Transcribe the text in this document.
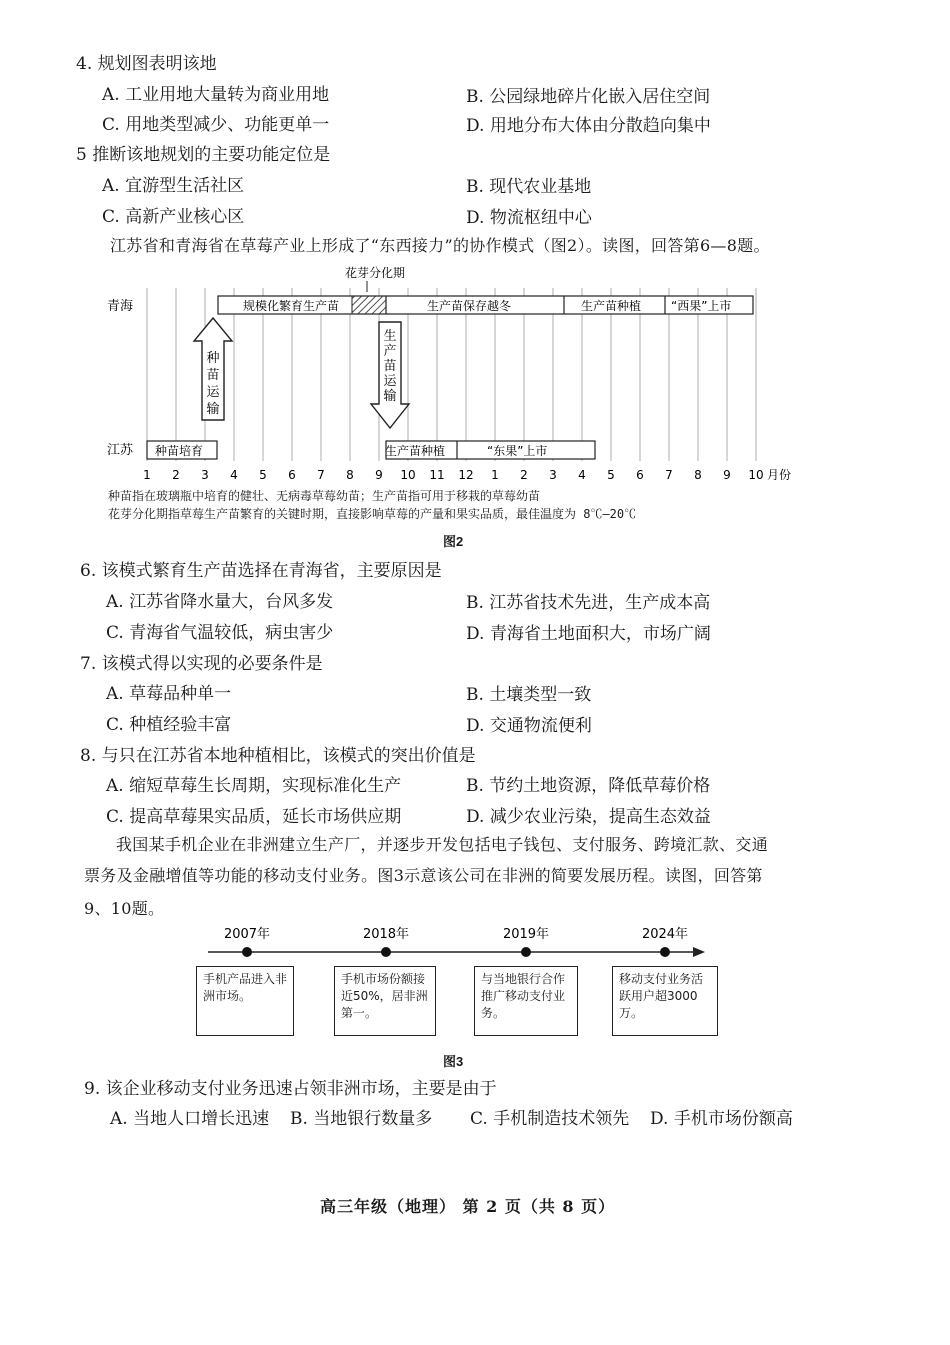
4. 规划图表明该地
A. 工业用地大量转为商业用地	B. 公园绿地碎片化嵌入居住空间
C. 用地类型减少、功能更单一	D. 用地分布大体由分散趋向集中
5 推断该地规划的主要功能定位是
A. 宜游型生活社区	B. 现代农业基地
C. 高新产业核心区	D. 物流枢纽中心
江苏省和青海省在草莓产业上形成了“东西接力”的协作模式（图2）。读图，回答第6—8题。
花芽分化期
青海	规模化繁育生产苗	生产苗保存越冬	生产苗种植 “西果”上市
种
苗
运
输
生
产
苗
运
输
江苏 种苗培育	生产苗种植	“东果”上市
1 2 3 4 5 6 7 8 9 10 11 12 1 2 3 4 5 6 7 8 9 10 月份
种苗指在玻璃瓶中培育的健壮、无病毒草莓幼苗；生产苗指可用于移栽的草莓幼苗
花芽分化期指草莓生产苗繁育的关键时期，直接影响草莓的产量和果实品质，最佳温度为 8℃—20℃
图2
6. 该模式繁育生产苗选择在青海省，主要原因是
A. 江苏省降水量大，台风多发	B. 江苏省技术先进，生产成本高
C. 青海省气温较低，病虫害少	D. 青海省土地面积大，市场广阔
7. 该模式得以实现的必要条件是
A. 草莓品种单一	B. 土壤类型一致
C. 种植经验丰富	D. 交通物流便利
8. 与只在江苏省本地种植相比，该模式的突出价值是
A. 缩短草莓生长周期，实现标准化生产	B. 节约土地资源，降低草莓价格
C. 提高草莓果实品质，延长市场供应期	D. 减少农业污染，提高生态效益
我国某手机企业在非洲建立生产厂，并逐步开发包括电子钱包、支付服务、跨境汇款、交通
票务及金融增值等功能的移动支付业务。图3示意该公司在非洲的简要发展历程。读图，回答第
9、10题。
2007年	2018年	2019年	2024年
手机产品进入非洲市场。
手机市场份额接近50%，居非洲第一。
与当地银行合作推广移动支付业务。
移动支付业务活跃用户超3000万。
图3
9. 该企业移动支付业务迅速占领非洲市场，主要是由于
A. 当地人口增长迅速 B. 当地银行数量多 C. 手机制造技术领先 D. 手机市场份额高
高三年级（地理） 第 2 页（共 8 页）
